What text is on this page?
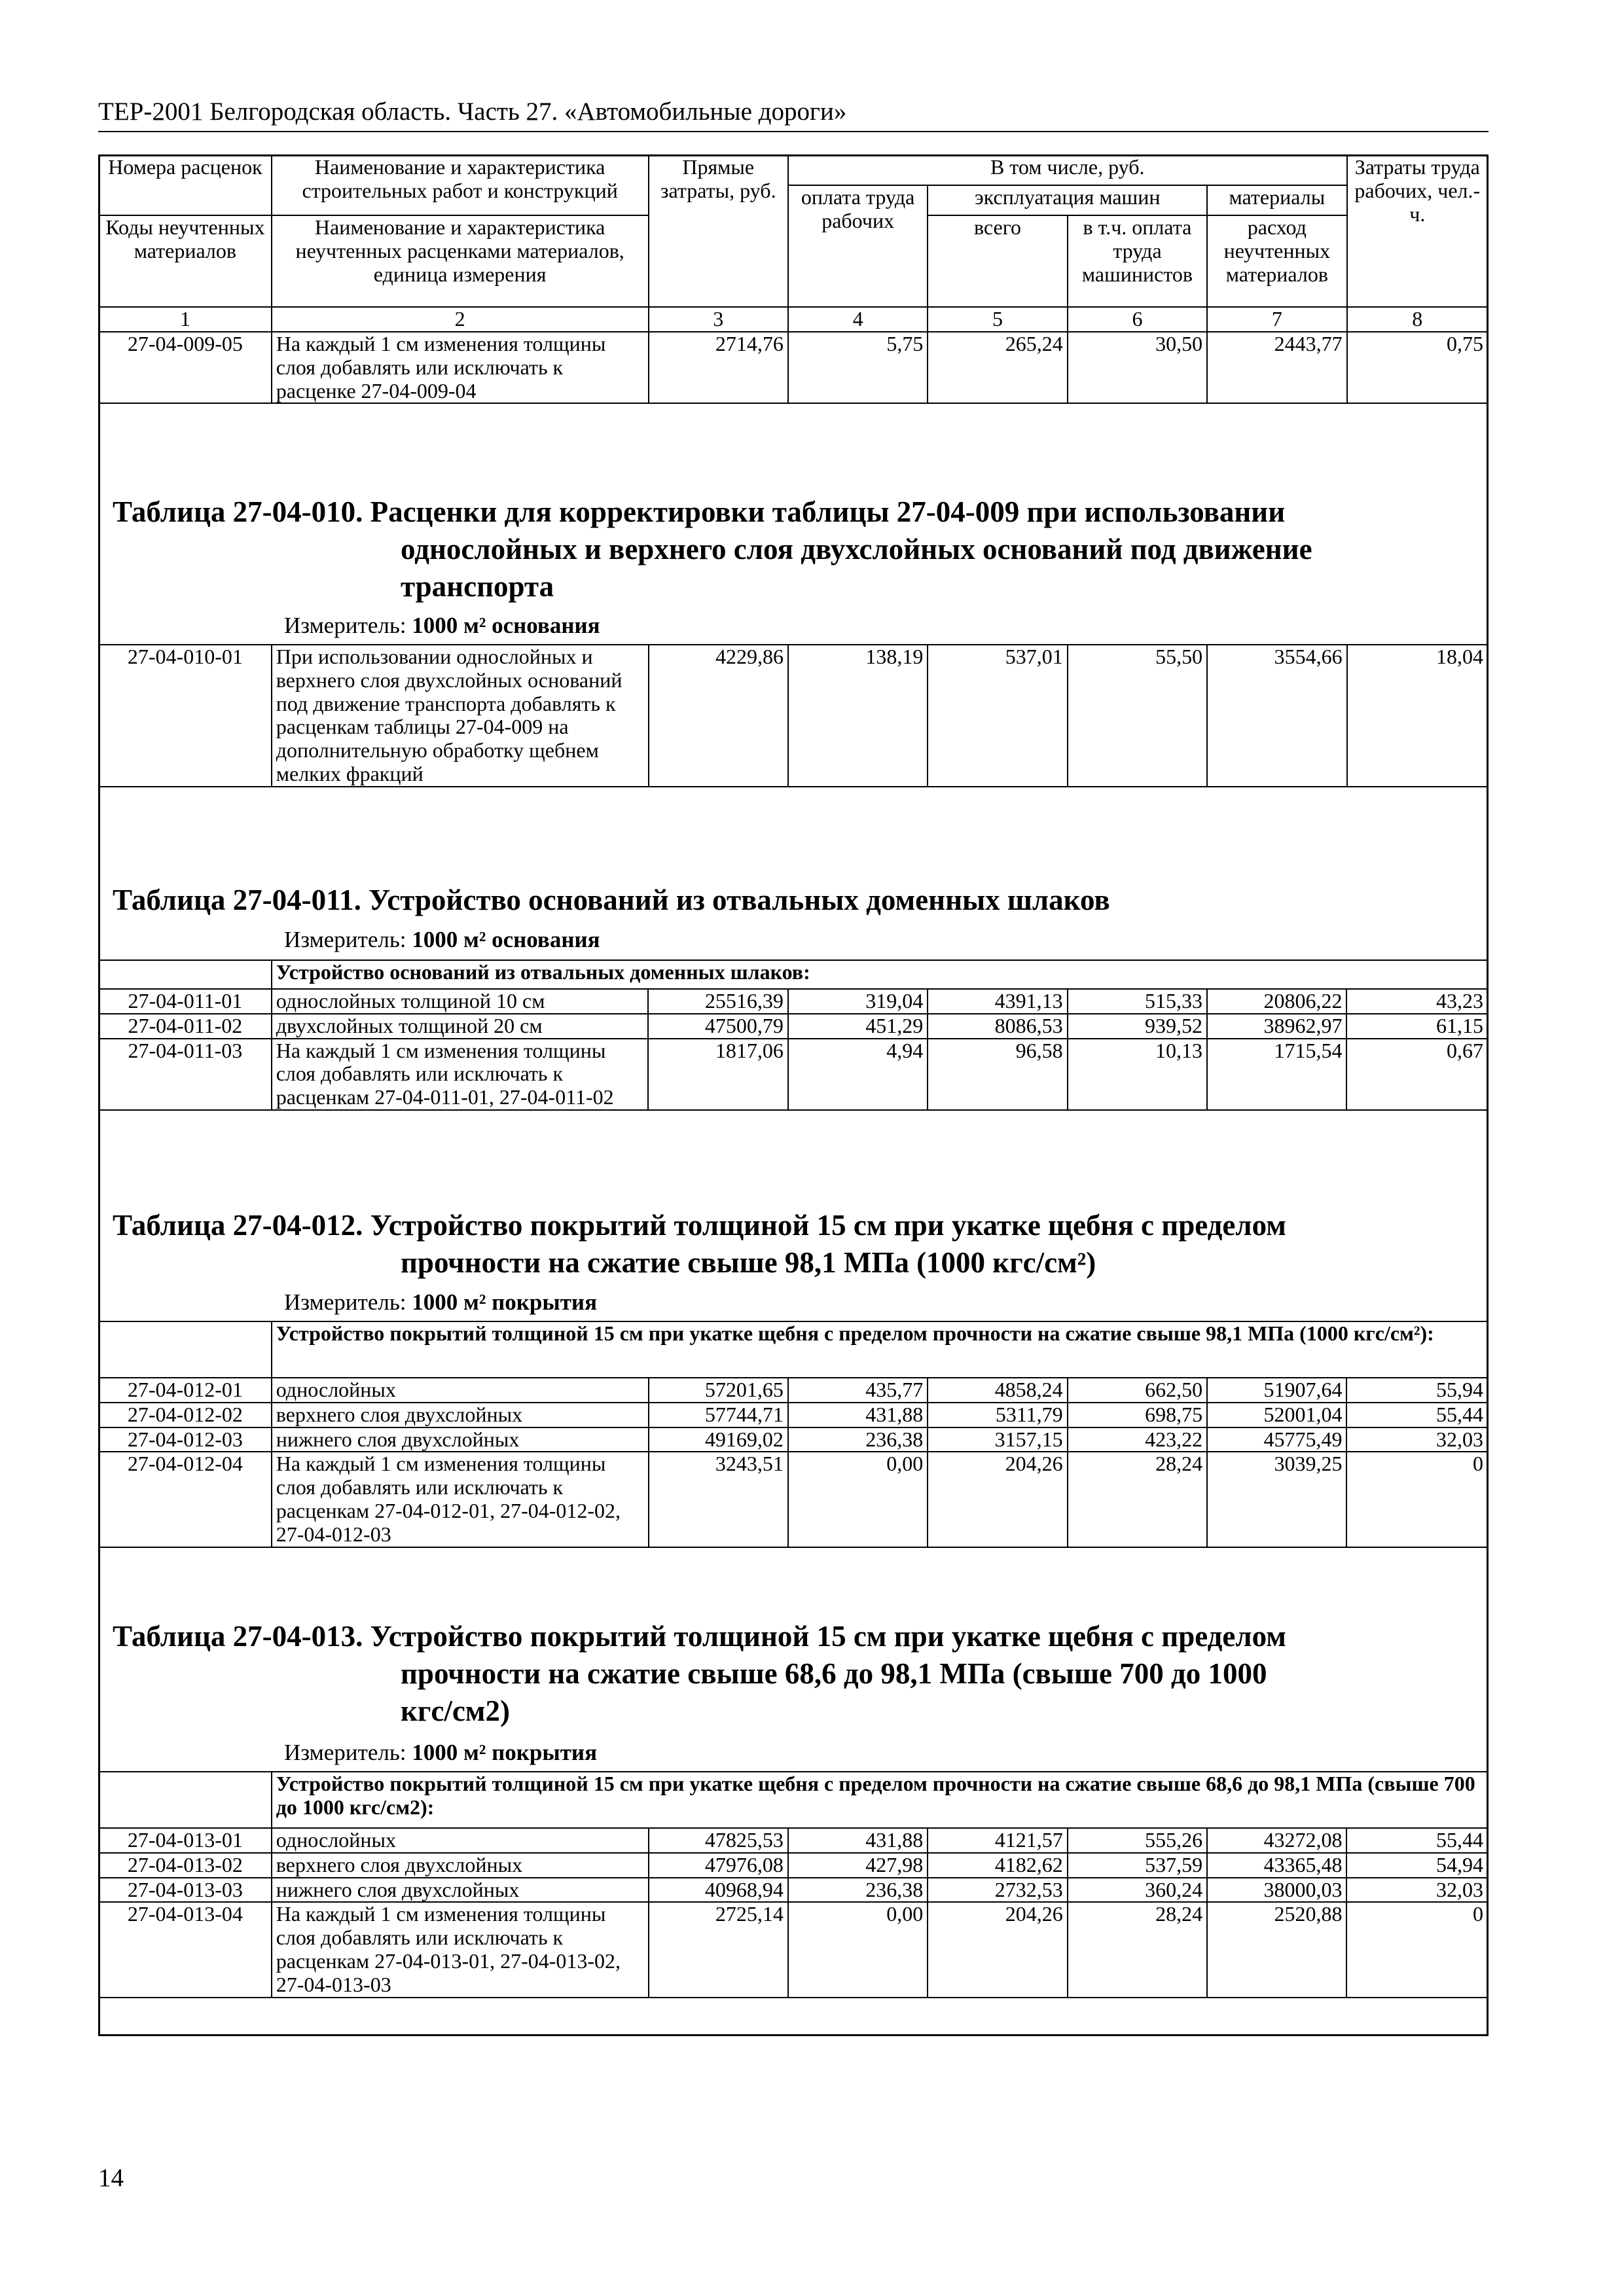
ТЕР-2001 Белгородская область. Часть 27. «Автомобильные дороги»
Номера расценок	Наименование и характеристика строительных работ и конструкций	Прямые затраты, руб.	В том числе, руб.				Затраты труда рабочих, чел.-ч.
			оплата труда рабочих	эксплуатация машин		материалы	
Коды неучтенных материалов	Наименование и характеристика неучтенных расценками материалов, единица измерения			всего	в т.ч. оплата труда машинистов	расход неучтенных материалов	

1	2	3	4	5	6	7	8
27-04-009-05	На каждый 1 см изменения толщины слоя добавлять или исключать к расценке 27-04-009-04	2714,76	5,75	265,24	30,50	2443,77	0,75
Таблица 27-04-010. Расценки для корректировки таблицы 27-04-009 при использовании
однослойных и верхнего слоя двухслойных оснований под движение
транспорта
Измеритель: 1000 м² основания
27-04-010-01	При использовании однослойных и верхнего слоя двухслойных оснований под движение транспорта добавлять к расценкам таблицы 27-04-009 на дополнительную обработку щебнем мелких фракций	4229,86	138,19	537,01	55,50	3554,66	18,04
Таблица 27-04-011. Устройство оснований из отвальных доменных шлаков
Измеритель: 1000 м² основания
	Устройство оснований из отвальных доменных шлаков:						
27-04-011-01	однослойных толщиной 10 см	25516,39	319,04	4391,13	515,33	20806,22	43,23
27-04-011-02	двухслойных толщиной 20 см	47500,79	451,29	8086,53	939,52	38962,97	61,15
27-04-011-03	На каждый 1 см изменения толщины слоя добавлять или исключать к расценкам 27-04-011-01, 27-04-011-02	1817,06	4,94	96,58	10,13	1715,54	0,67
Таблица 27-04-012. Устройство покрытий толщиной 15 см при укатке щебня с пределом
прочности на сжатие свыше 98,1 МПа (1000 кгс/см²)
Измеритель: 1000 м² покрытия
	Устройство покрытий толщиной 15 см при укатке щебня с пределом прочности на сжатие свыше 98,1 МПа (1000 кгс/см²):						
27-04-012-01	однослойных	57201,65	435,77	4858,24	662,50	51907,64	55,94
27-04-012-02	верхнего слоя двухслойных	57744,71	431,88	5311,79	698,75	52001,04	55,44
27-04-012-03	нижнего слоя двухслойных	49169,02	236,38	3157,15	423,22	45775,49	32,03
27-04-012-04	На каждый 1 см изменения толщины слоя добавлять или исключать к расценкам 27-04-012-01, 27-04-012-02, 27-04-012-03	3243,51	0,00	204,26	28,24	3039,25	0
Таблица 27-04-013. Устройство покрытий толщиной 15 см при укатке щебня с пределом
прочности на сжатие свыше 68,6 до 98,1 МПа (свыше 700 до 1000
кгс/см2)
Измеритель: 1000 м² покрытия
	Устройство покрытий толщиной 15 см при укатке щебня с пределом прочности на сжатие свыше 68,6 до 98,1 МПа (свыше 700 до 1000 кгс/см2):						
27-04-013-01	однослойных	47825,53	431,88	4121,57	555,26	43272,08	55,44
27-04-013-02	верхнего слоя двухслойных	47976,08	427,98	4182,62	537,59	43365,48	54,94
27-04-013-03	нижнего слоя двухслойных	40968,94	236,38	2732,53	360,24	38000,03	32,03
27-04-013-04	На каждый 1 см изменения толщины слоя добавлять или исключать к расценкам 27-04-013-01, 27-04-013-02, 27-04-013-03	2725,14	0,00	204,26	28,24	2520,88	0
14
